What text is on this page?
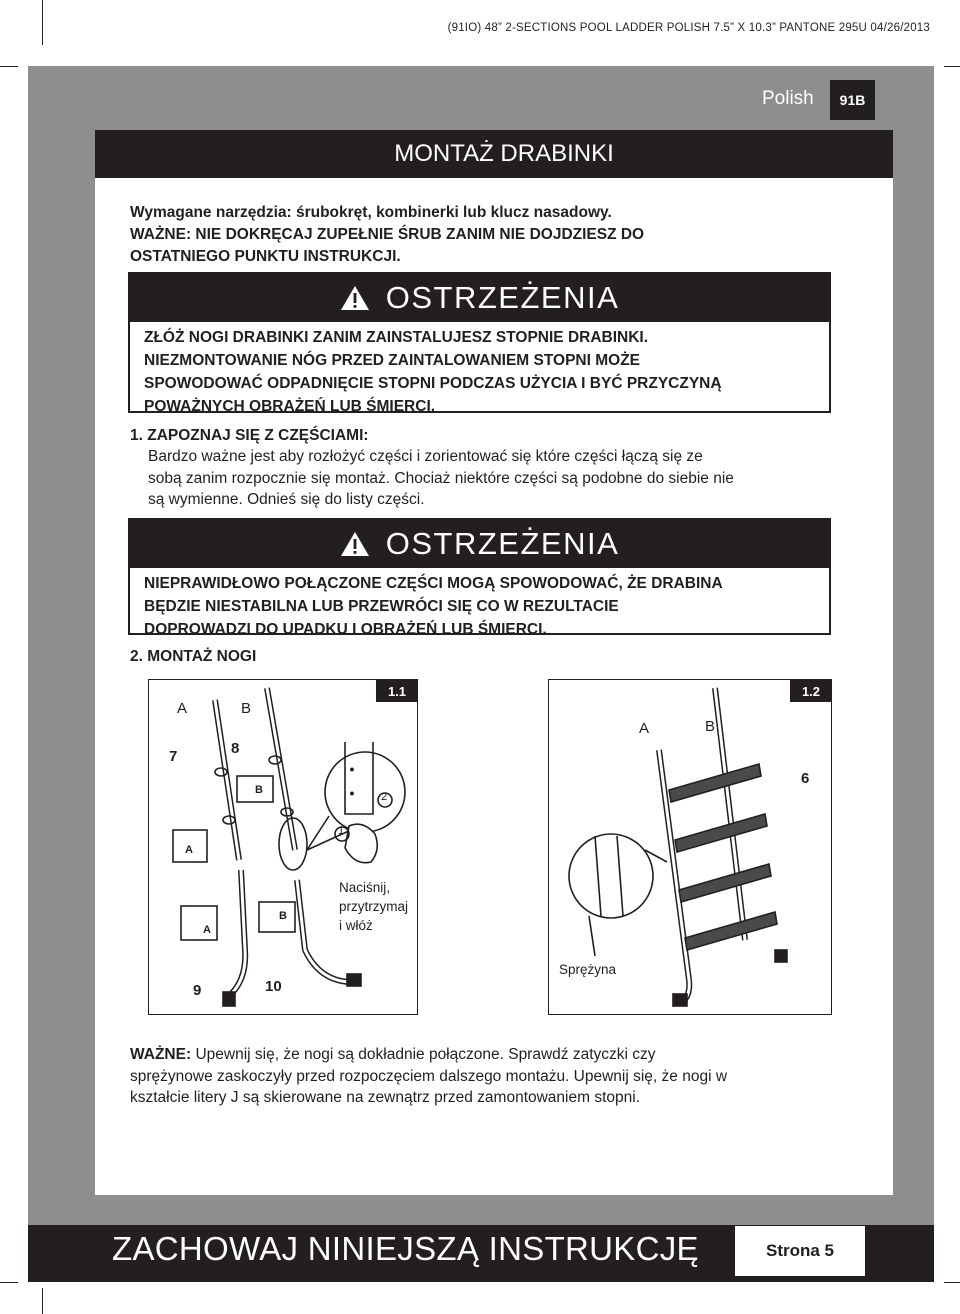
(91IO) 48” 2-SECTIONS POOL LADDER POLISH 7.5” X 10.3” PANTONE 295U 04/26/2013
Polish	91B
MONTAŻ DRABINKI
Wymagane narzędzia: śrubokręt, kombinerki lub klucz nasadowy.
WAŻNE: NIE DOKRĘCAJ ZUPEŁNIE ŚRUB ZANIM NIE DOJDZIESZ DO
OSTATNIEGO PUNKTU INSTRUKCJI.
OSTRZEŻENIA
ZŁÓŻ NOGI DRABINKI ZANIM ZAINSTALUJESZ STOPNIE DRABINKI.
NIEZMONTOWANIE NÓG PRZED ZAINTALOWANIEM STOPNI MOŻE
SPOWODOWAĆ ODPADNIĘCIE STOPNI PODCZAS UŻYCIA I BYĆ PRZYCZYNĄ
POWAŻNYCH OBRAŻEŃ LUB ŚMIERCI.
1. ZAPOZNAJ SIĘ Z CZĘŚCIAMI:
Bardzo ważne jest aby rozłożyć części i zorientować się które części łączą się ze
sobą zanim rozpocznie się montaż. Chociaż niektóre części są podobne do siebie nie
są wymienne. Odnieś się do listy części.
OSTRZEŻENIA
NIEPRAWIDŁOWO POŁĄCZONE CZĘŚCI MOGĄ SPOWODOWAĆ, ŻE DRABINA
BĘDZIE NIESTABILNA LUB PRZEWRÓCI SIĘ CO W REZULTACIE
DOPROWADZI DO UPADKU I OBRAŻEŃ LUB ŚMIERCI.
2. MONTAŻ NOGI
1.1
•
•
A	B
7	8
9	10
B
A
A
B
1
2
Naciśnij,
przytrzymaj
i włóż
1.2
A	B
6
Sprężyna
WAŻNE: Upewnij się, że nogi są dokładnie połączone. Sprawdź zatyczki czy
sprężynowe zaskoczyły przed rozpoczęciem dalszego montażu. Upewnij się, że nogi w
kształcie litery J są skierowane na zewnątrz przed zamontowaniem stopni.
ZACHOWAJ NINIEJSZĄ INSTRUKCJĘ	Strona 5
